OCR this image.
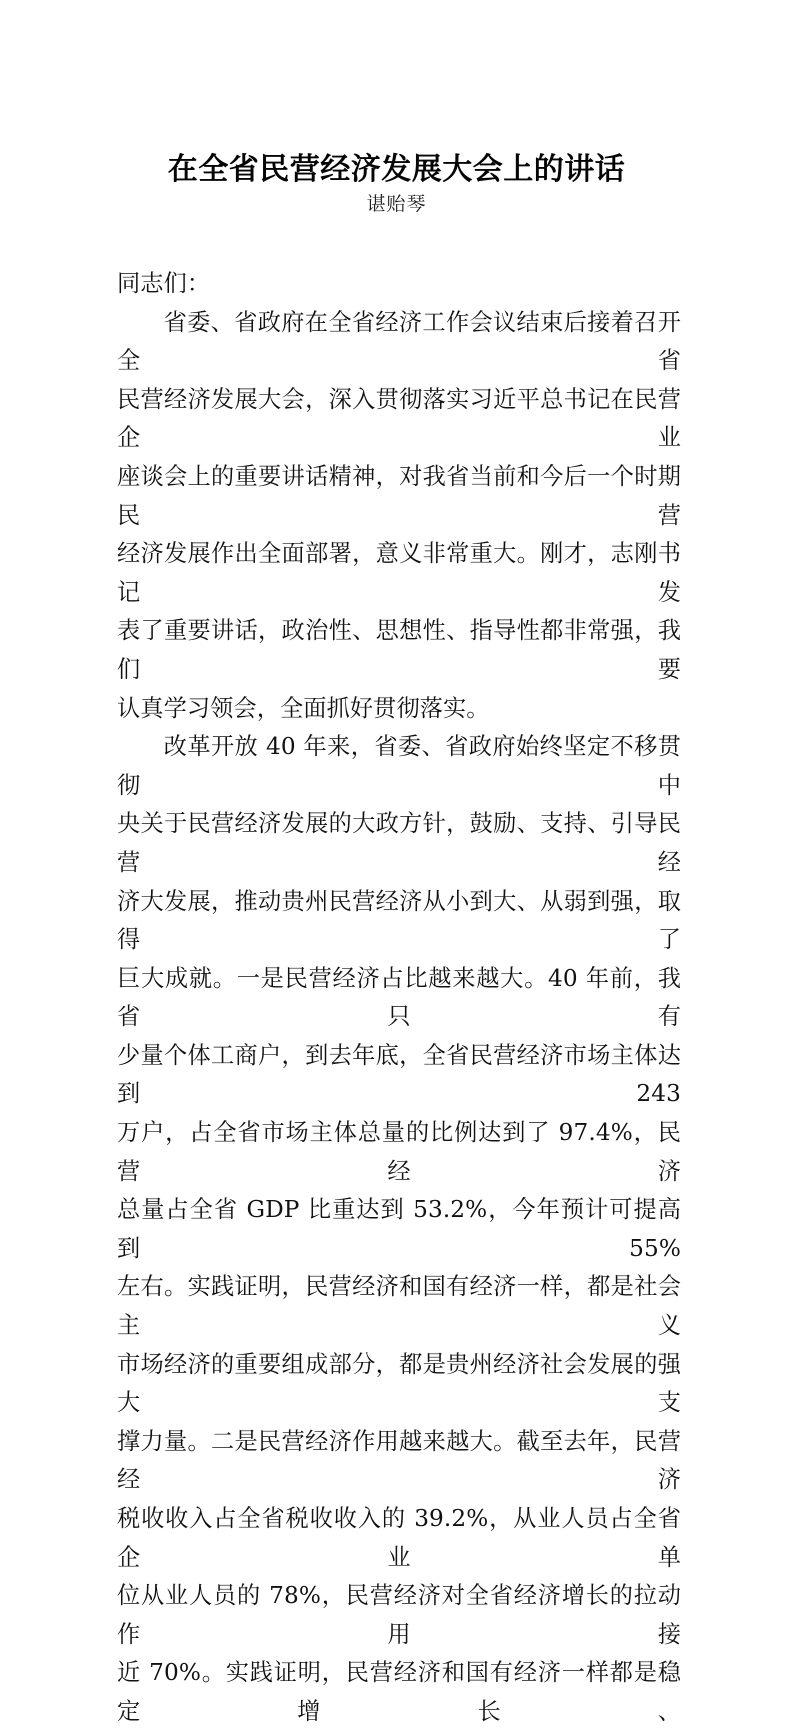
在全省民营经济发展大会上的讲话
谌贻琴

同志们：

省委、省政府在全省经济工作会议结束后接着召开全省
民营经济发展大会，深入贯彻落实习近平总书记在民营企业
座谈会上的重要讲话精神，对我省当前和今后一个时期民营
经济发展作出全面部署，意义非常重大。刚才，志刚书记发
表了重要讲话，政治性、思想性、指导性都非常强，我们要
认真学习领会，全面抓好贯彻落实。

改革开放 40 年来，省委、省政府始终坚定不移贯彻中
央关于民营经济发展的大政方针，鼓励、支持、引导民营经
济大发展，推动贵州民营经济从小到大、从弱到强，取得了
巨大成就。一是民营经济占比越来越大。40 年前，我省只有
少量个体工商户，到去年底，全省民营经济市场主体达到 243
万户，占全省市场主体总量的比例达到了 97.4%，民营经济
总量占全省 GDP 比重达到 53.2%，今年预计可提高到 55%
左右。实践证明，民营经济和国有经济一样，都是社会主义
市场经济的重要组成部分，都是贵州经济社会发展的强大支
撑力量。二是民营经济作用越来越大。截至去年，民营经济
税收收入占全省税收收入的 39.2%，从业人员占全省企业单
位从业人员的 78%，民营经济对全省经济增长的拉动作用接
近 70%。实践证明，民营经济和国有经济一样都是稳定增长、
